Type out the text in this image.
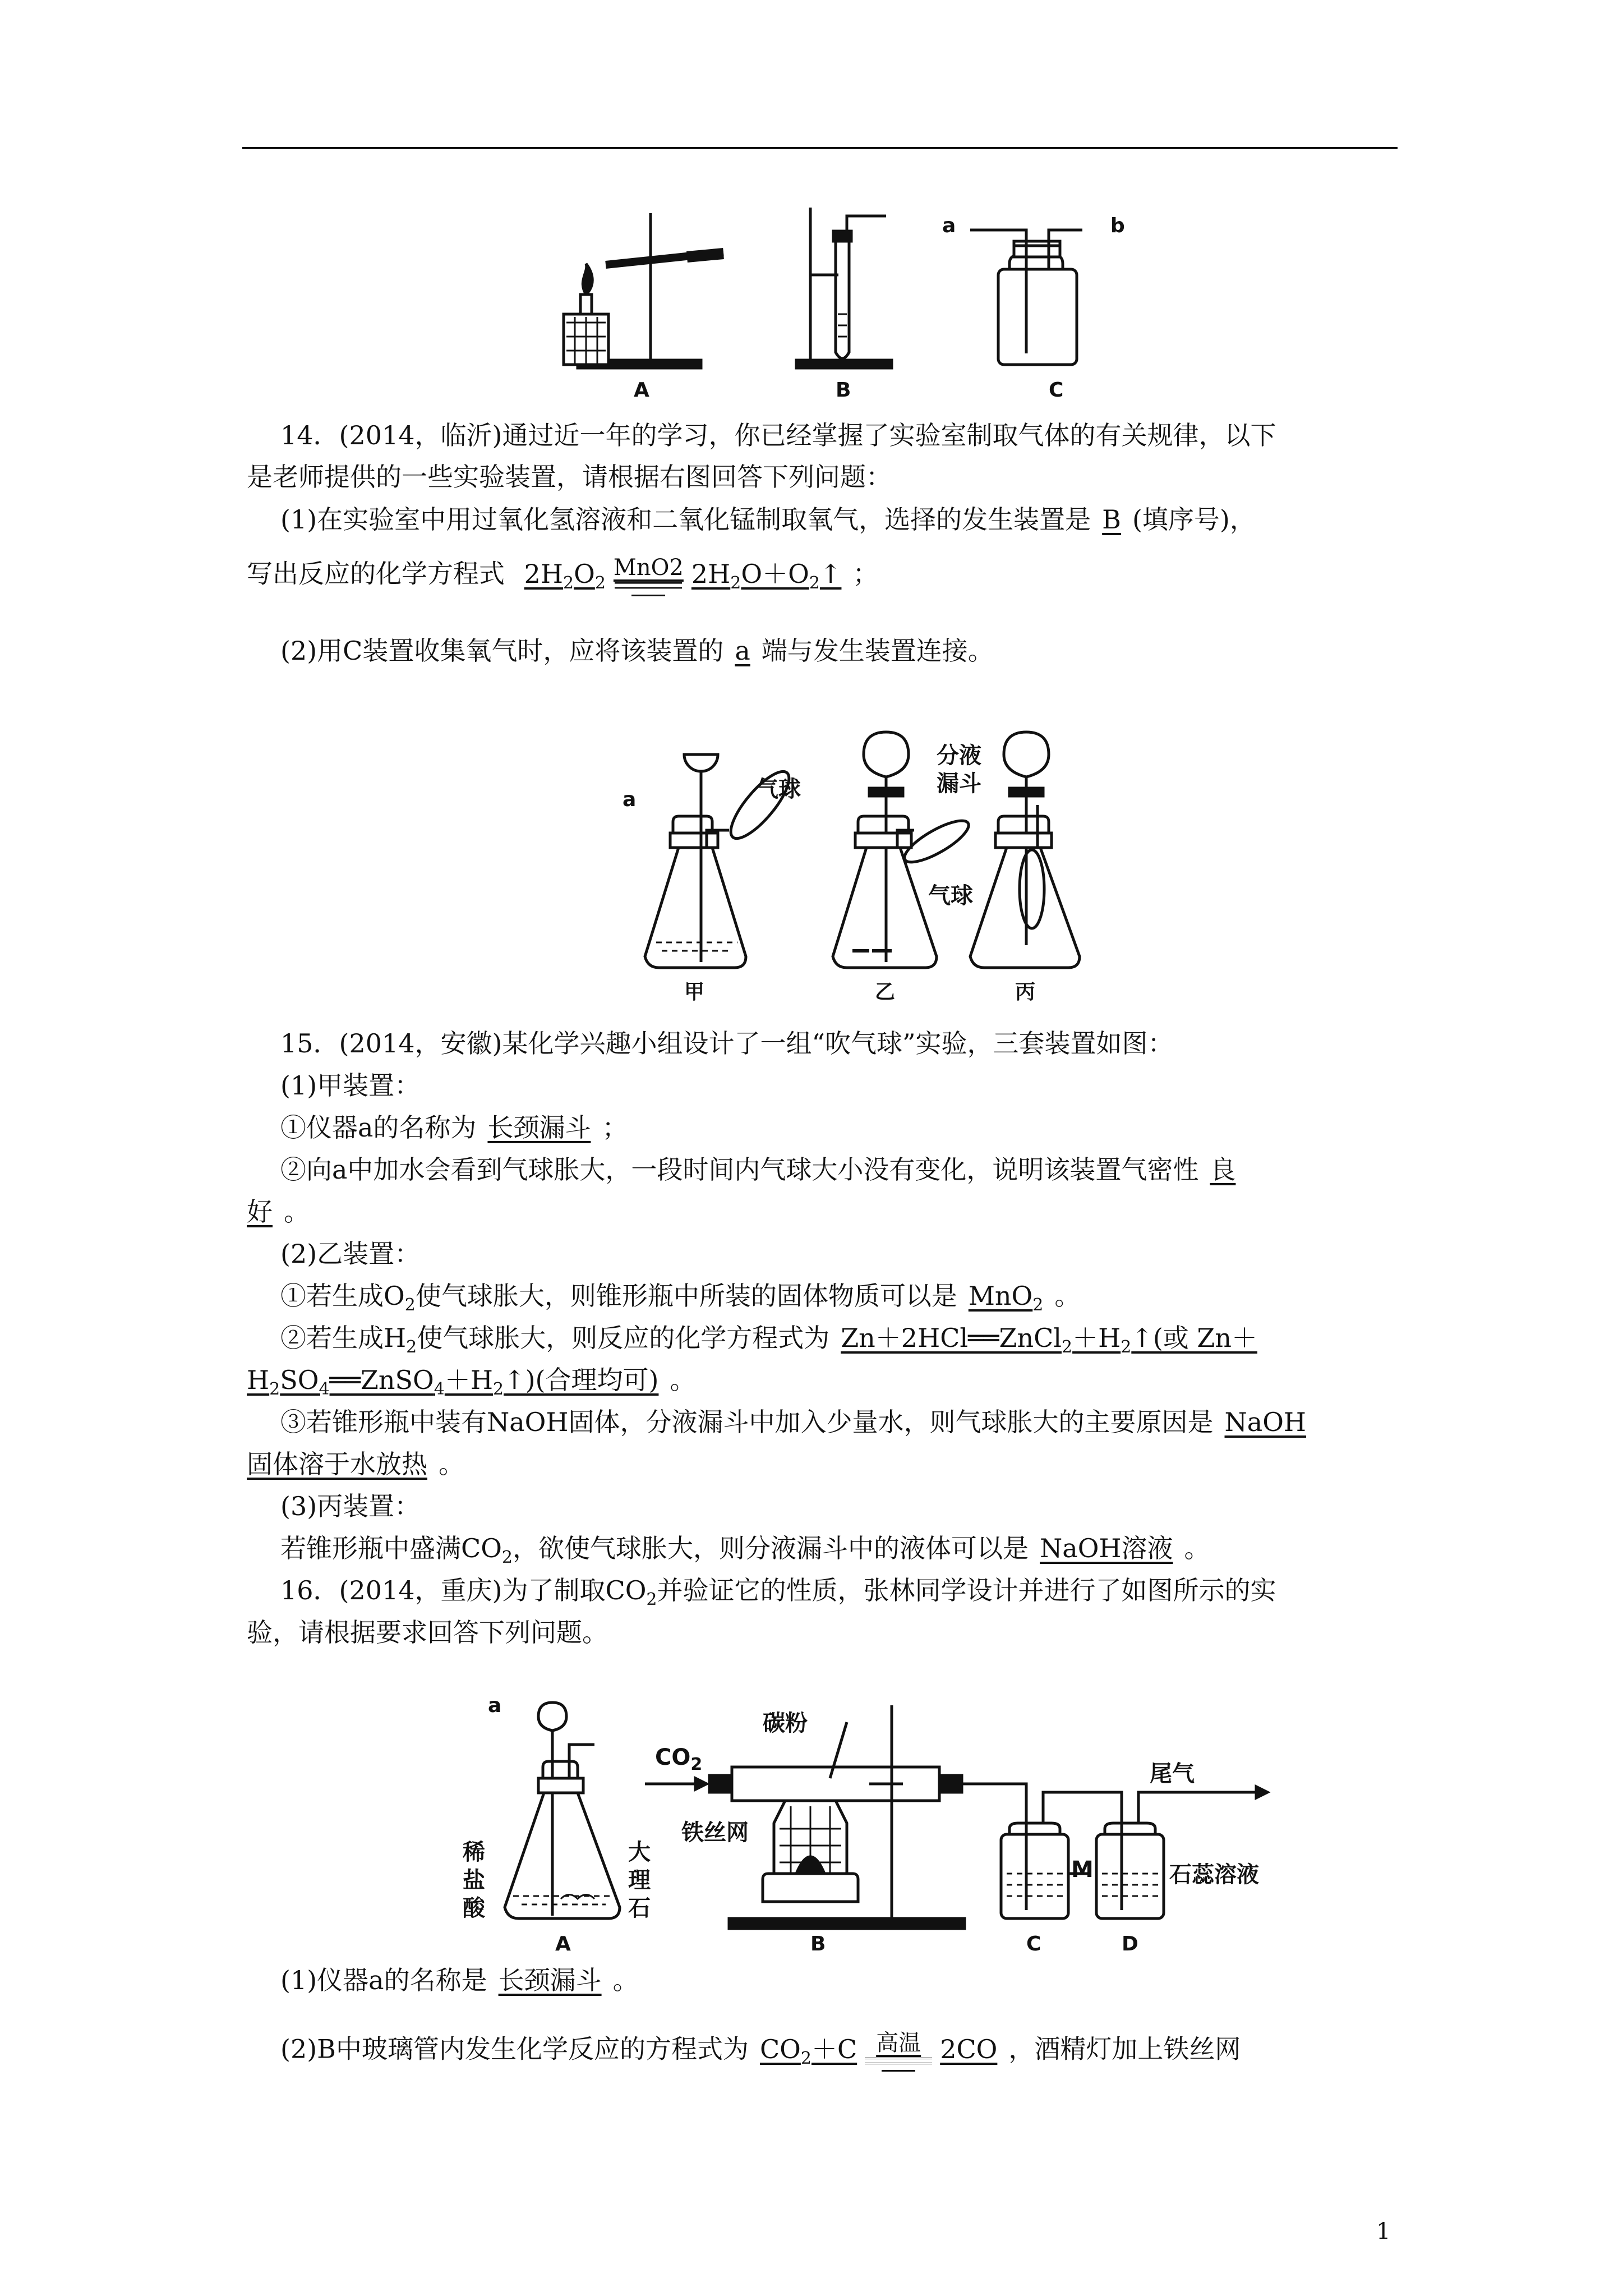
a	b
A	B	C
14．(2014，临沂)通过近一年的学习，你已经掌握了实验室制取气体的有关规律，以下
是老师提供的一些实验装置，请根据右图回答下列问题：
(1)在实验室中用过氧化氢溶液和二氧化锰制取氧气，选择的发生装置是 B (填序号)，
写出反应的化学方程式 $2H_2O_2$
MnO2 $2H_2O+O_2↑$ ；
(2)用C装置收集氧气时，应将该装置的 a 端与发生装置连接。
a	气球
分液
漏斗
气球
甲	乙	丙
15．(2014，安徽)某化学兴趣小组设计了一组“吹气球”实验，三套装置如图：
(1)甲装置：
①仪器a的名称为 长颈漏斗 ；
②向a中加水会看到气球胀大，一段时间内气球大小没有变化，说明该装置气密性 良
好 。
(2)乙装置：
①若生成$O_2$使气球胀大，则锥形瓶中所装的固体物质可以是 MnO$_2$ 。
②若生成$H_2$使气球胀大，则反应的化学方程式为 $Zn+2HCl══ZnCl_2+H_2↑$(或 Zn＋
$H_2SO_4══ZnSO_4+H_2↑$)(合理均可) 。
③若锥形瓶中装有NaOH固体，分液漏斗中加入少量水，则气球胀大的主要原因是 NaOH
固体溶于水放热 。
(3)丙装置：
若锥形瓶中盛满$CO_2$，欲使气球胀大，则分液漏斗中的液体可以是 NaOH溶液 。
16．(2014，重庆)为了制取$CO_2$并验证它的性质，张林同学设计并进行了如图所示的实
验，请根据要求回答下列问题。
a
$CO_2$
碳粉
尾气
铁丝网
稀
盐
酸
大
理
石
M	石蕊溶液
A	B	C	D
(1)仪器a的名称是 长颈漏斗 。
(2)B中玻璃管内发生化学反应的方程式为 $CO_2+C$ 高温 2CO ，酒精灯加上铁丝网
1
